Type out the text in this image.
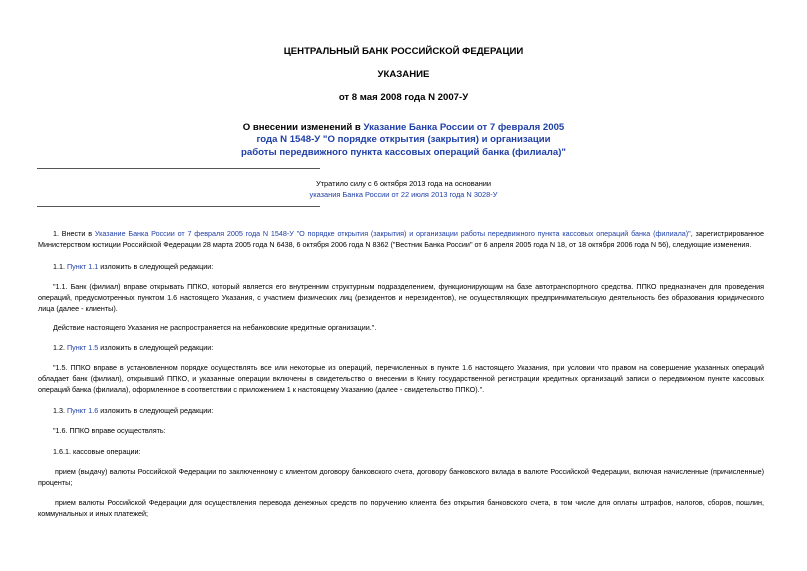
ЦЕНТРАЛЬНЫЙ БАНК РОССИЙСКОЙ ФЕДЕРАЦИИ
УКАЗАНИЕ
от 8 мая 2008 года N 2007-У
О внесении изменений в Указание Банка России от 7 февраля 2005 года N 1548-У "О порядке открытия (закрытия) и организации работы передвижного пункта кассовых операций банка (филиала)"
Утратило силу с 6 октября 2013 года на основании
указания Банка России от 22 июля 2013 года N 3028-У
1. Внести в Указание Банка России от 7 февраля 2005 года N 1548-У "О порядке открытия (закрытия) и организации работы передвижного пункта кассовых операций банка (филиала)", зарегистрированное Министерством юстиции Российской Федерации 28 марта 2005 года N 6438, 6 октября 2006 года N 8362 ("Вестник Банка России" от 6 апреля 2005 года N 18, от 18 октября 2006 года N 56), следующие изменения.
1.1. Пункт 1.1 изложить в следующей редакции:
"1.1. Банк (филиал) вправе открывать ППКО, который является его внутренним структурным подразделением, функционирующим на базе автотранспортного средства. ППКО предназначен для проведения операций, предусмотренных пунктом 1.6 настоящего Указания, с участием физических лиц (резидентов и нерезидентов), не осуществляющих предпринимательскую деятельность без образования юридического лица (далее - клиенты).
Действие настоящего Указания не распространяется на небанковские кредитные организации.".
1.2. Пункт 1.5 изложить в следующей редакции:
"1.5. ППКО вправе в установленном порядке осуществлять все или некоторые из операций, перечисленных в пункте 1.6 настоящего Указания, при условии что правом на совершение указанных операций обладает банк (филиал), открывший ППКО, и указанные операции включены в свидетельство о внесении в Книгу государственной регистрации кредитных организаций записи о передвижном пункте кассовых операций банка (филиала), оформленное в соответствии с приложением 1 к настоящему Указанию (далее - свидетельство ППКО).".
1.3. Пункт 1.6 изложить в следующей редакции:
"1.6. ППКО вправе осуществлять:
1.6.1. кассовые операции:
прием (выдачу) валюты Российской Федерации по заключенному с клиентом договору банковского счета, договору банковского вклада в валюте Российской Федерации, включая начисленные (причисленные) проценты;
прием валюты Российской Федерации для осуществления перевода денежных средств по поручению клиента без открытия банковского счета, в том числе для оплаты штрафов, налогов, сборов, пошлин, коммунальных и иных платежей;
